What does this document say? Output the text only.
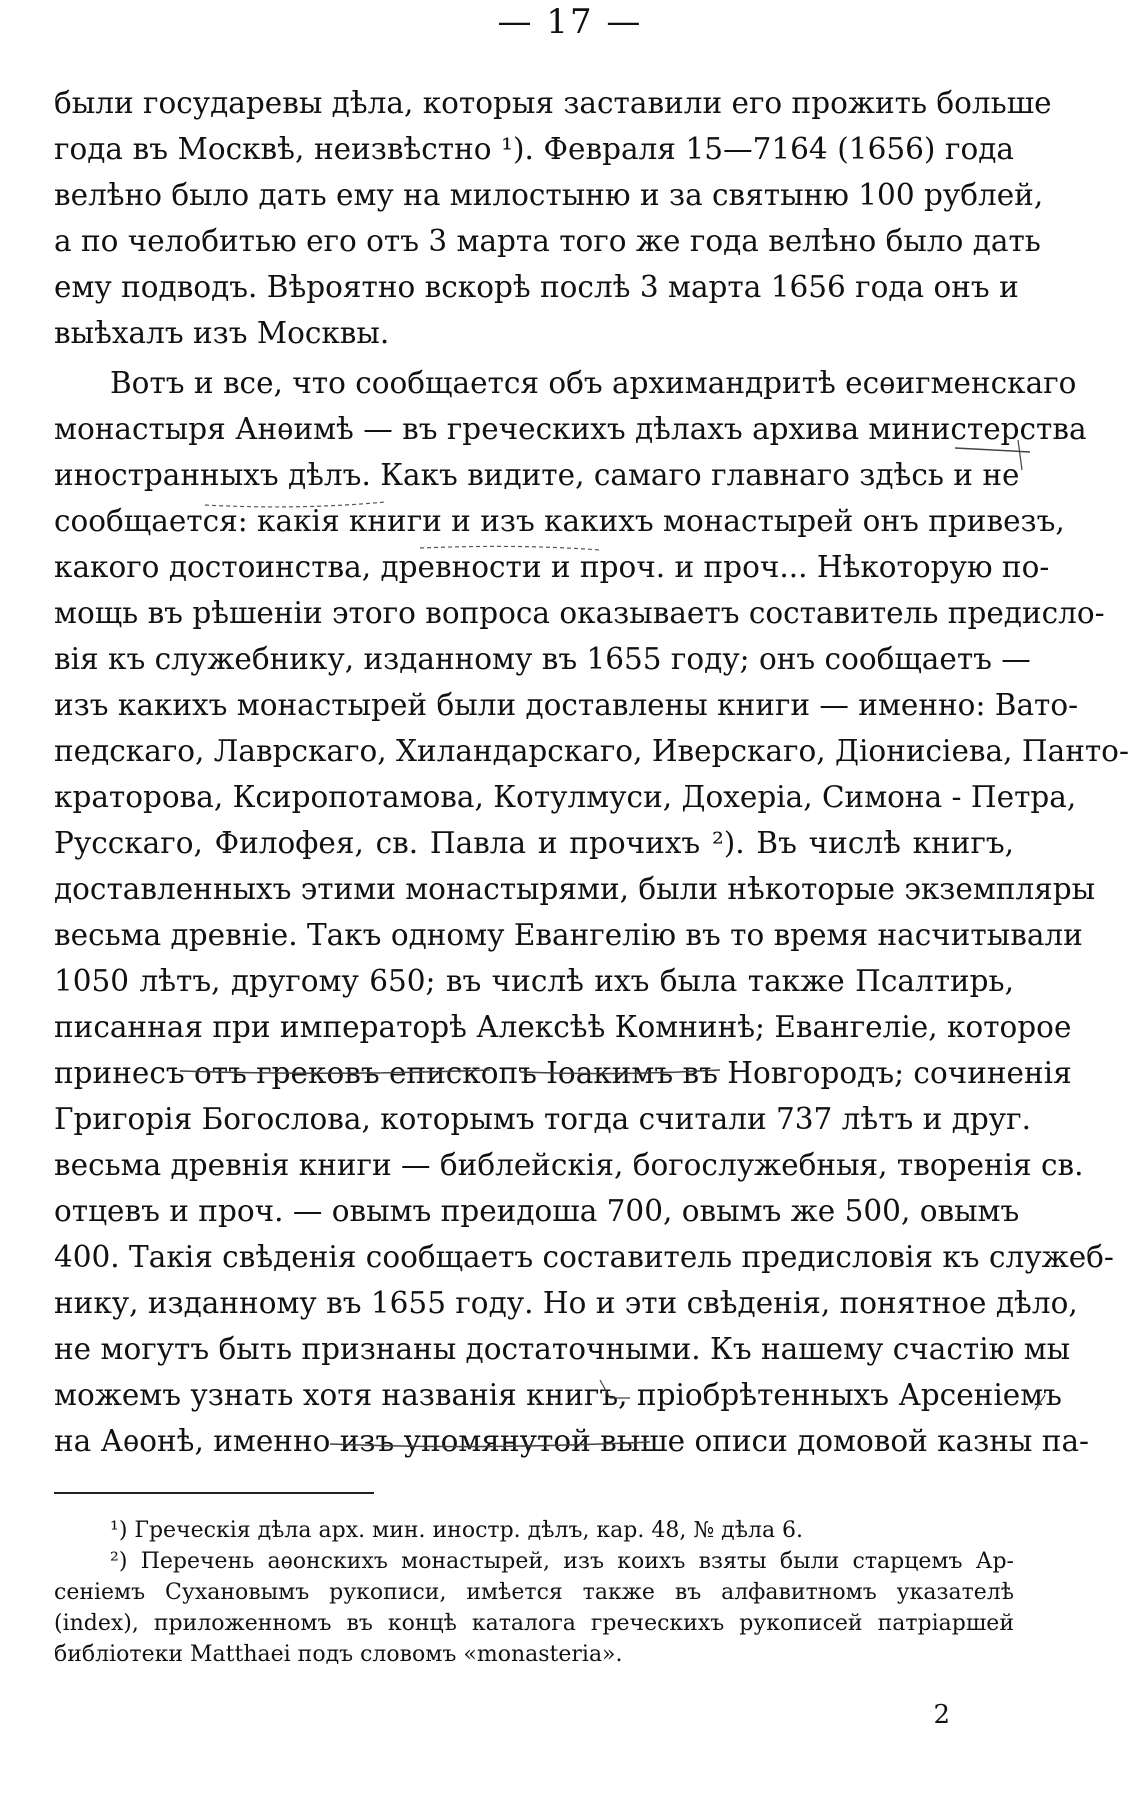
— 17 —
были государевы дѣла, которыя заставили его прожить больше
года въ Москвѣ, неизвѣстно ¹). Февраля 15—7164 (1656) года
велѣно было дать ему на милостыню и за святыню 100 рублей,
а по челобитью его отъ 3 марта того же года велѣно было дать
ему подводъ. Вѣроятно вскорѣ послѣ 3 марта 1656 года онъ и
выѣхалъ изъ Москвы.
Вотъ и все, что сообщается объ архимандритѣ есѳигменскаго
монастыря Анѳимѣ — въ греческихъ дѣлахъ архива министерства
иностранныхъ дѣлъ. Какъ видите, самаго главнаго здѣсь и не
сообщается: какія книги и изъ какихъ монастырей онъ привезъ,
какого достоинства, древности и проч. и проч... Нѣкоторую по-
мощь въ рѣшеніи этого вопроса оказываетъ составитель предисло-
вія къ служебнику, изданному въ 1655 году; онъ сообщаетъ —
изъ какихъ монастырей были доставлены книги — именно: Вато-
педскаго, Лаврскаго, Хиландарскаго, Иверскаго, Діонисіева, Панто-
краторова, Ксиропотамова, Котулмуси, Дохеріа, Симона - Петра,
Русскаго, Филофея, св. Павла и прочихъ ²). Въ числѣ книгъ,
доставленныхъ этими монастырями, были нѣкоторые экземпляры
весьма древніе. Такъ одному Евангелію въ то время насчитывали
1050 лѣтъ, другому 650; въ числѣ ихъ была также Псалтирь,
писанная при императорѣ Алексѣѣ Комнинѣ; Евангеліе, которое
принесъ отъ грековъ епископъ Іоакимъ въ Новгородъ; сочиненія
Григорія Богослова, которымъ тогда считали 737 лѣтъ и друг.
весьма древнія книги — библейскія, богослужебныя, творенія св.
отцевъ и проч. — овымъ преидоша 700, овымъ же 500, овымъ
400. Такія свѣденія сообщаетъ составитель предисловія къ служеб-
нику, изданному въ 1655 году. Но и эти свѣденія, понятное дѣло,
не могутъ быть признаны достаточными. Къ нашему счастію мы
можемъ узнать хотя названія книгъ, пріобрѣтенныхъ Арсеніемъ
на Аѳонѣ, именно изъ упомянутой выше описи домовой казны па-
¹) Греческія дѣла арх. мин. иностр. дѣлъ, кар. 48, № дѣла 6.
²) Перечень аѳонскихъ монастырей, изъ коихъ взяты были старцемъ Ар-
сеніемъ Сухановымъ рукописи, имѣется также въ алфавитномъ указателѣ
(index), приложенномъ въ концѣ каталога греческихъ рукописей патріаршей
библіотеки Matthaei подъ словомъ «monasteria».
2
